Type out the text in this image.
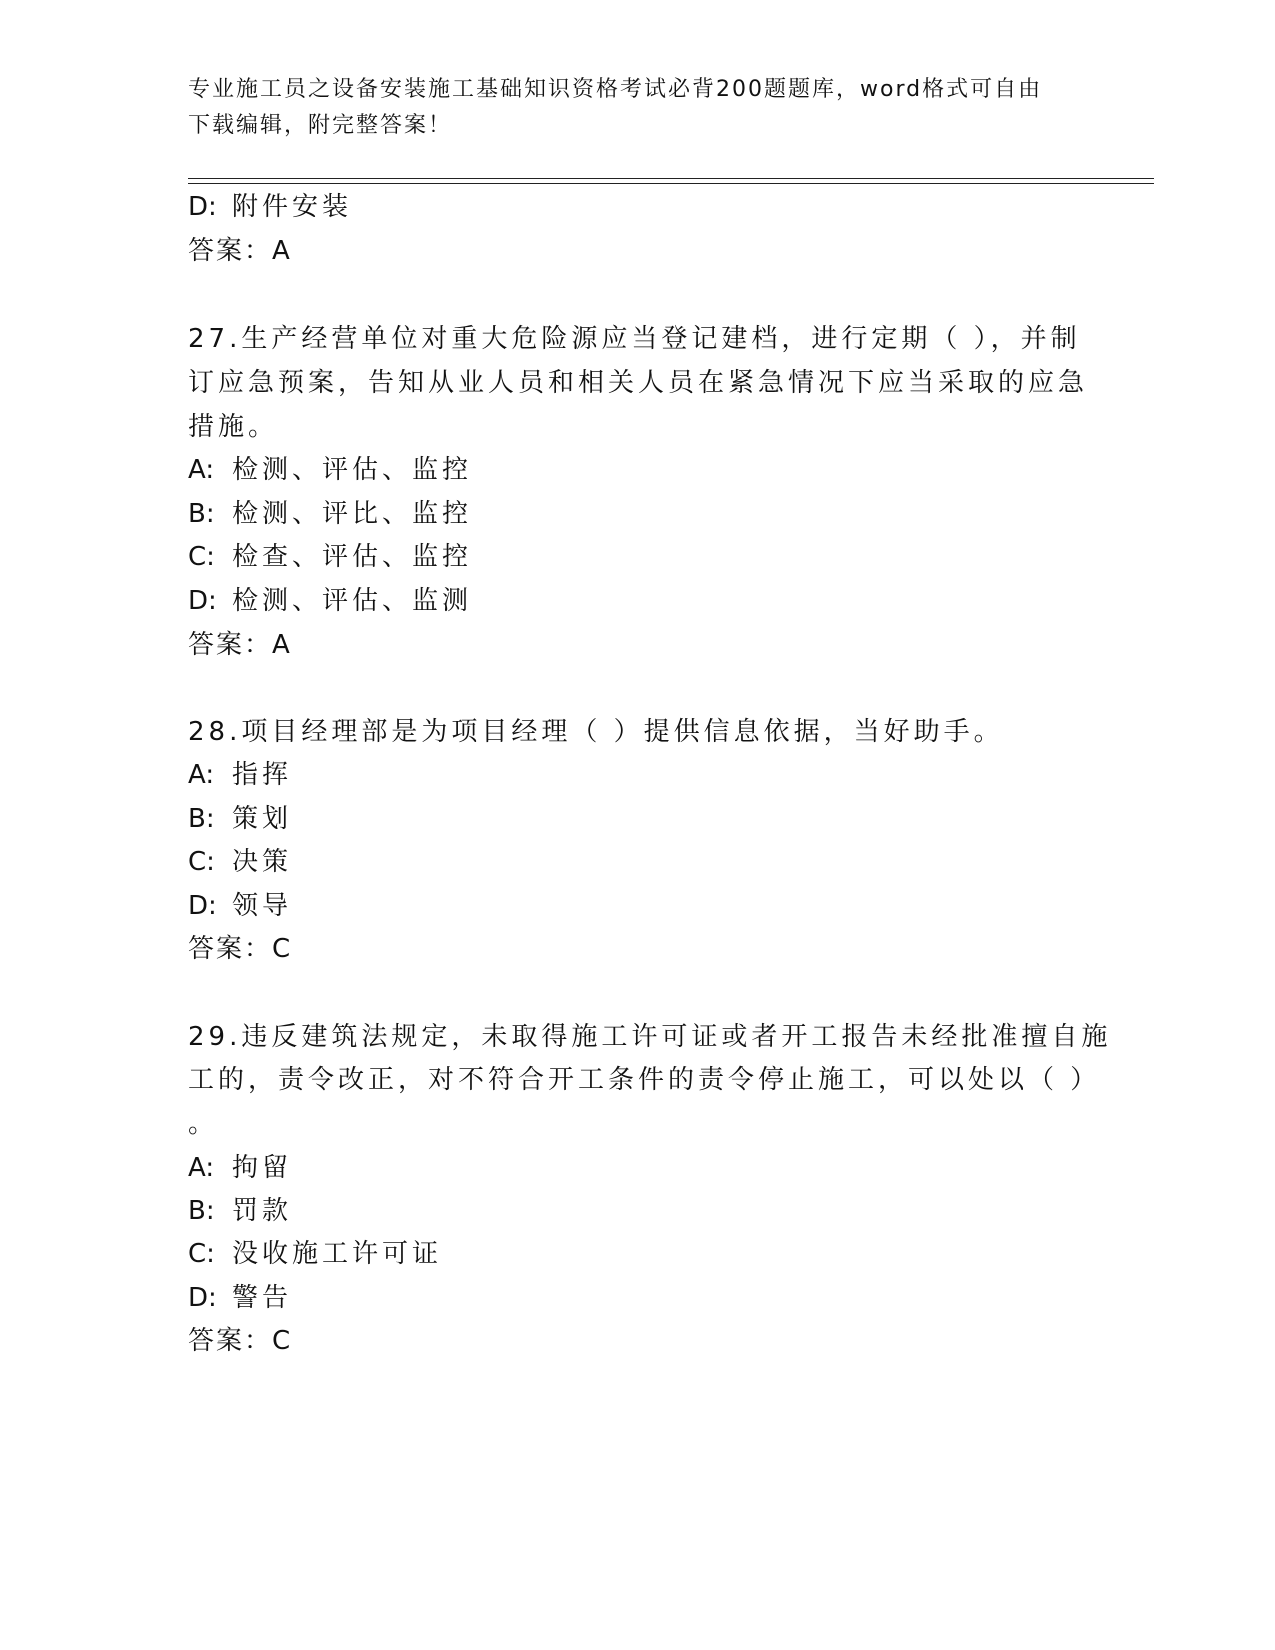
专业施工员之设备安装施工基础知识资格考试必背200题题库，word格式可自由
下载编辑，附完整答案！
D: 附件安装
答案：A
27.生产经营单位对重大危险源应当登记建档，进行定期（ ），并制
订应急预案，告知从业人员和相关人员在紧急情况下应当采取的应急
措施。
A: 检测、评估、监控
B: 检测、评比、监控
C: 检查、评估、监控
D: 检测、评估、监测
答案：A
28.项目经理部是为项目经理（ ）提供信息依据，当好助手。
A: 指挥
B: 策划
C: 决策
D: 领导
答案：C
29.违反建筑法规定，未取得施工许可证或者开工报告未经批准擅自施
工的，责令改正，对不符合开工条件的责令停止施工，可以处以（ ）
。
A: 拘留
B: 罚款
C: 没收施工许可证
D: 警告
答案：C
